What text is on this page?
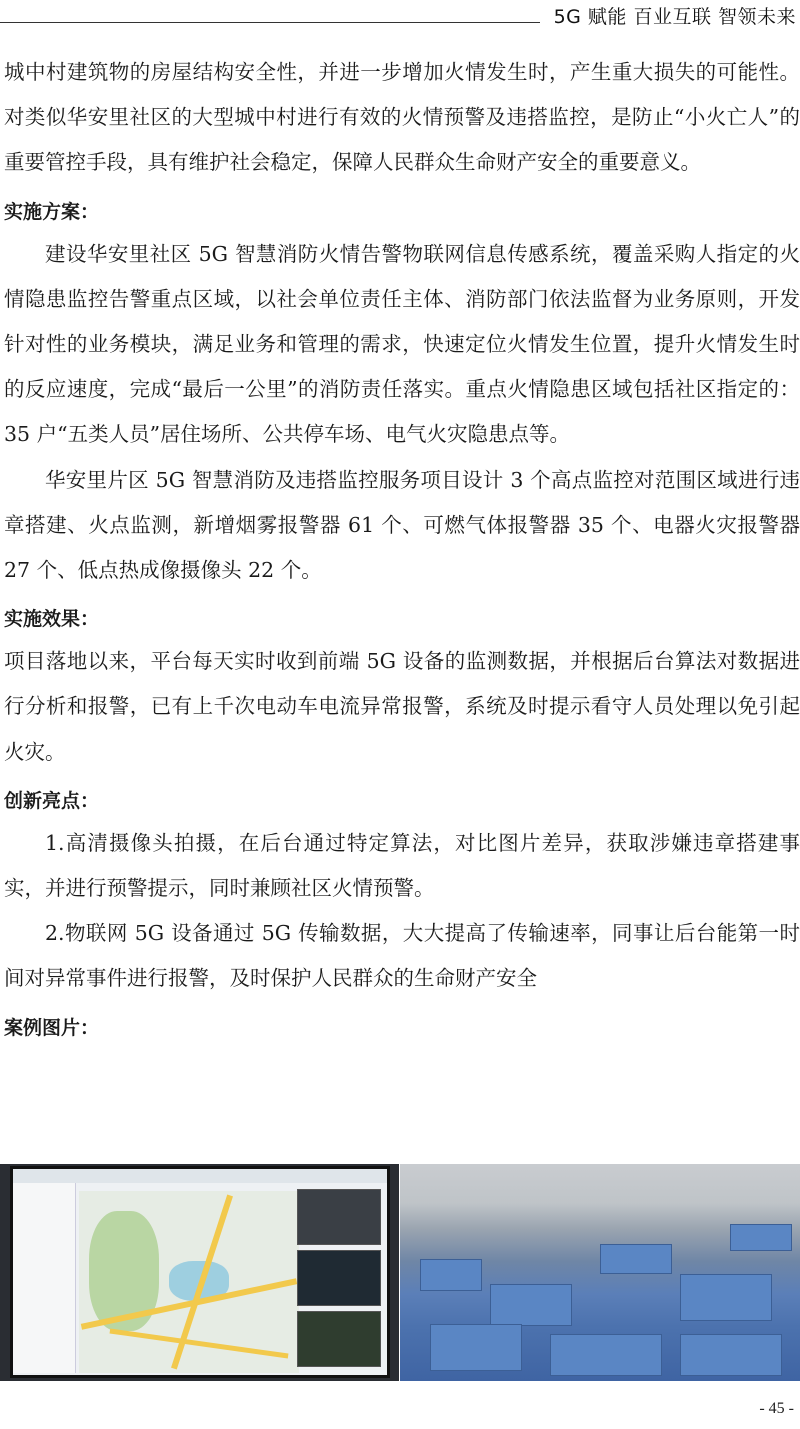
5G 赋能 百业互联 智领未来

城中村建筑物的房屋结构安全性，并进一步增加火情发生时，产生重大损失的可能性。对类似华安里社区的大型城中村进行有效的火情预警及违搭监控，是防止“小火亡人”的重要管控手段，具有维护社会稳定，保障人民群众生命财产安全的重要意义。

实施方案：

建设华安里社区 5G 智慧消防火情告警物联网信息传感系统，覆盖采购人指定的火情隐患监控告警重点区域，以社会单位责任主体、消防部门依法监督为业务原则，开发针对性的业务模块，满足业务和管理的需求，快速定位火情发生位置，提升火情发生时的反应速度，完成“最后一公里”的消防责任落实。重点火情隐患区域包括社区指定的：35 户“五类人员”居住场所、公共停车场、电气火灾隐患点等。

华安里片区 5G 智慧消防及违搭监控服务项目设计 3 个高点监控对范围区域进行违章搭建、火点监测，新增烟雾报警器 61 个、可燃气体报警器 35 个、电器火灾报警器 27 个、低点热成像摄像头 22 个。

实施效果：

项目落地以来，平台每天实时收到前端 5G 设备的监测数据，并根据后台算法对数据进行分析和报警，已有上千次电动车电流异常报警，系统及时提示看守人员处理以免引起火灾。

创新亮点：

1.高清摄像头拍摄，在后台通过特定算法，对比图片差异，获取涉嫌违章搭建事实，并进行预警提示，同时兼顾社区火情预警。

2.物联网 5G 设备通过 5G 传输数据，大大提高了传输速率，同事让后台能第一时间对异常事件进行报警，及时保护人民群众的生命财产安全

案例图片：
- 45 -
